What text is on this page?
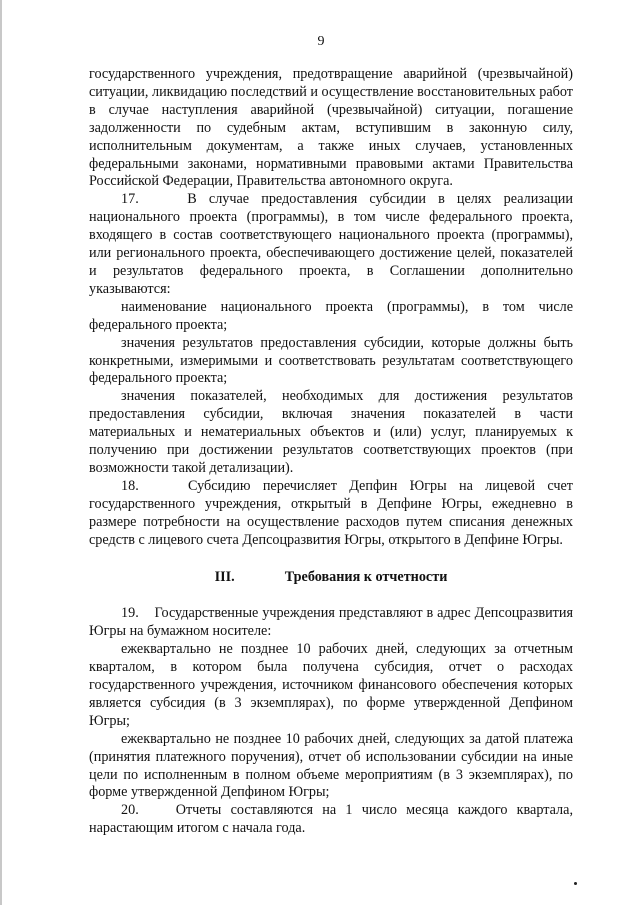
9

государственного учреждения, предотвращение аварийной (чрезвычайной) ситуации, ликвидацию последствий и осуществление восстановительных работ в случае наступления аварийной (чрезвычайной) ситуации, погашение задолженности по судебным актам, вступившим в законную силу, исполнительным документам, а также иных случаев, установленных федеральными законами, нормативными правовыми актами Правительства Российской Федерации, Правительства автономного округа.

17.    В случае предоставления субсидии в целях реализации национального проекта (программы), в том числе федерального проекта, входящего в состав соответствующего национального проекта (программы), или регионального проекта, обеспечивающего достижение целей, показателей и результатов федерального проекта, в Соглашении дополнительно указываются:

наименование национального проекта (программы), в том числе федерального проекта;

значения результатов предоставления субсидии, которые должны быть конкретными, измеримыми и соответствовать результатам соответствующего федерального проекта;

значения показателей, необходимых для достижения результатов предоставления субсидии, включая значения показателей в части материальных и нематериальных объектов и (или) услуг, планируемых к получению при достижении результатов соответствующих проектов (при возможности такой детализации).

18.    Субсидию перечисляет Депфин Югры на лицевой счет государственного учреждения, открытый в Депфине Югры, ежедневно в размере потребности на осуществление расходов путем списания денежных средств с лицевого счета Депсоцразвития Югры, открытого в Депфине Югры.

III.	Требования к отчетности

19.    Государственные учреждения представляют в адрес Депсоцразвития Югры на бумажном носителе:

ежеквартально не позднее 10 рабочих дней, следующих за отчетным кварталом, в котором была получена субсидия, отчет о расходах государственного учреждения, источником финансового обеспечения которых является субсидия (в 3 экземплярах), по форме утвержденной Депфином Югры;

ежеквартально не позднее 10 рабочих дней, следующих за датой платежа (принятия платежного поручения), отчет об использовании субсидии на иные цели по исполненным в полном объеме мероприятиям (в 3 экземплярах), по форме утвержденной Депфином Югры;

20.    Отчеты составляются на 1 число месяца каждого квартала, нарастающим итогом с начала года.
